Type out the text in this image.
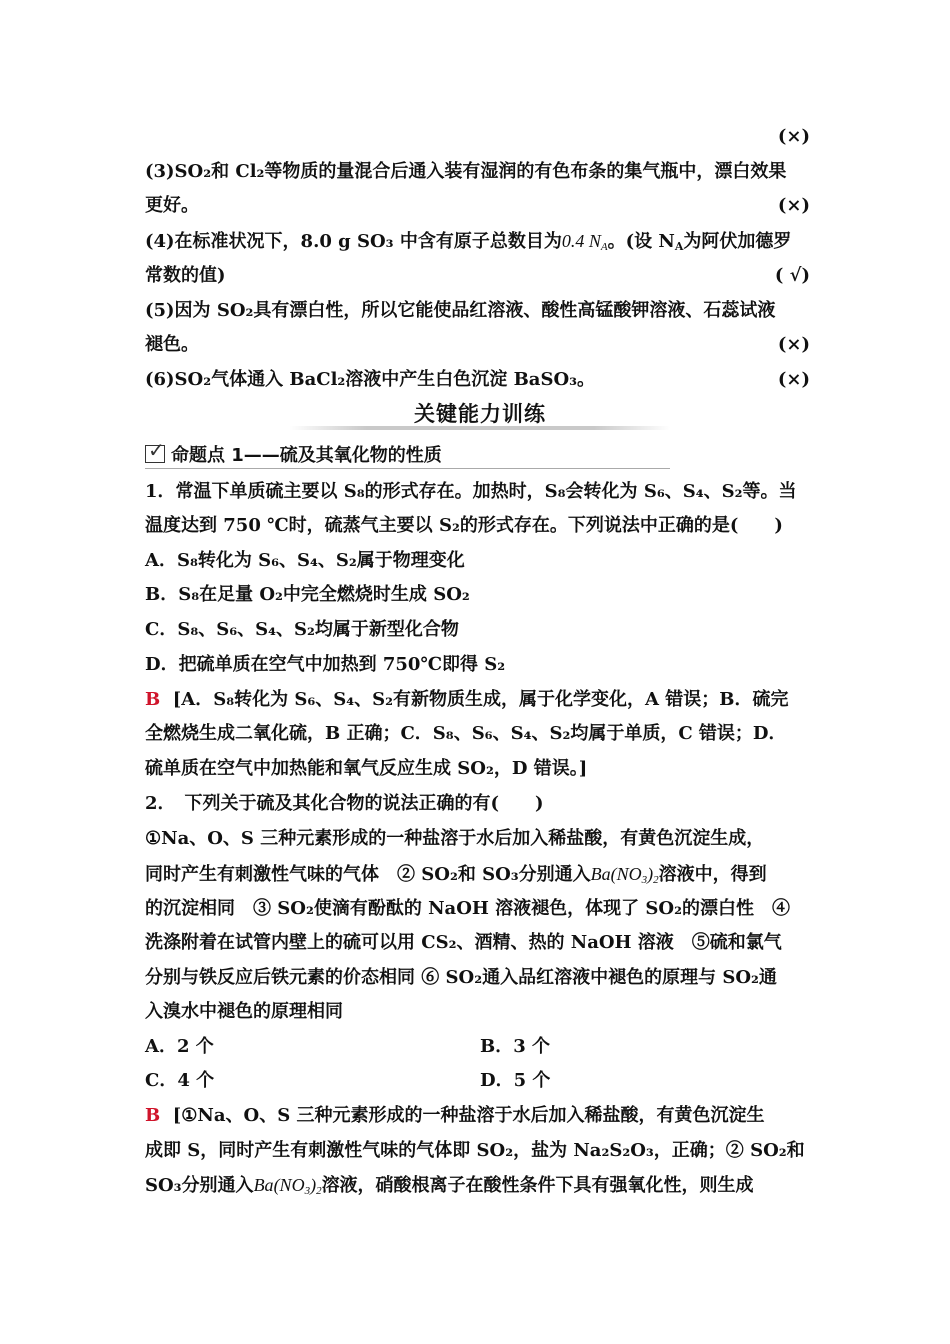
(×)
(3)SO₂和 Cl₂等物质的量混合后通入装有湿润的有色布条的集气瓶中，漂白效果
更好。	(×)
(4)在标准状况下，8.0 g SO₃ 中含有原子总数目为0.4 $N_A$。(设 $N_A$为阿伏加德罗
常数的值)	( √)
(5)因为 SO₂具有漂白性，所以它能使品红溶液、酸性高锰酸钾溶液、石蕊试液
褪色。	(×)
(6)SO₂气体通入 BaCl₂溶液中产生白色沉淀 BaSO₃。	(×)
关键能力训练
✓命题点 1——硫及其氧化物的性质
1．常温下单质硫主要以 S₈的形式存在。加热时，S₈会转化为 S₆、S₄、S₂等。当
温度达到 750 ℃时，硫蒸气主要以 S₂的形式存在。下列说法中正确的是(　　)
A．S₈转化为 S₆、S₄、S₂属于物理变化
B．S₈在足量 O₂中完全燃烧时生成 SO₂
C．S₈、S₆、S₄、S₂均属于新型化合物
D．把硫单质在空气中加热到 750℃即得 S₂
B [A．S₈转化为 S₆、S₄、S₂有新物质生成，属于化学变化，A 错误；B．硫完
全燃烧生成二氧化硫，B 正确；C．S₈、S₆、S₄、S₂均属于单质，C 错误；D．
硫单质在空气中加热能和氧气反应生成 SO₂，D 错误。]
2．　下列关于硫及其化合物的说法正确的有(　　)
①Na、O、S 三种元素形成的一种盐溶于水后加入稀盐酸，有黄色沉淀生成，
同时产生有刺激性气味的气体　② SO₂和 SO₃分别通入$Ba(NO_3)_2$溶液中，得到
的沉淀相同　③ SO₂使滴有酚酞的 NaOH 溶液褪色，体现了 SO₂的漂白性　④
洗涤附着在试管内壁上的硫可以用 CS₂、酒精、热的 NaOH 溶液　⑤硫和氯气
分别与铁反应后铁元素的价态相同 ⑥ SO₂通入品红溶液中褪色的原理与 SO₂通
入溴水中褪色的原理相同
A．2 个	B．3 个
C．4 个	D．5 个
B [①Na、O、S 三种元素形成的一种盐溶于水后加入稀盐酸，有黄色沉淀生
成即 S，同时产生有刺激性气味的气体即 SO₂，盐为 Na₂S₂O₃，正确；② SO₂和
SO₃分别通入$Ba(NO_3)_2$溶液，硝酸根离子在酸性条件下具有强氧化性，则生成
